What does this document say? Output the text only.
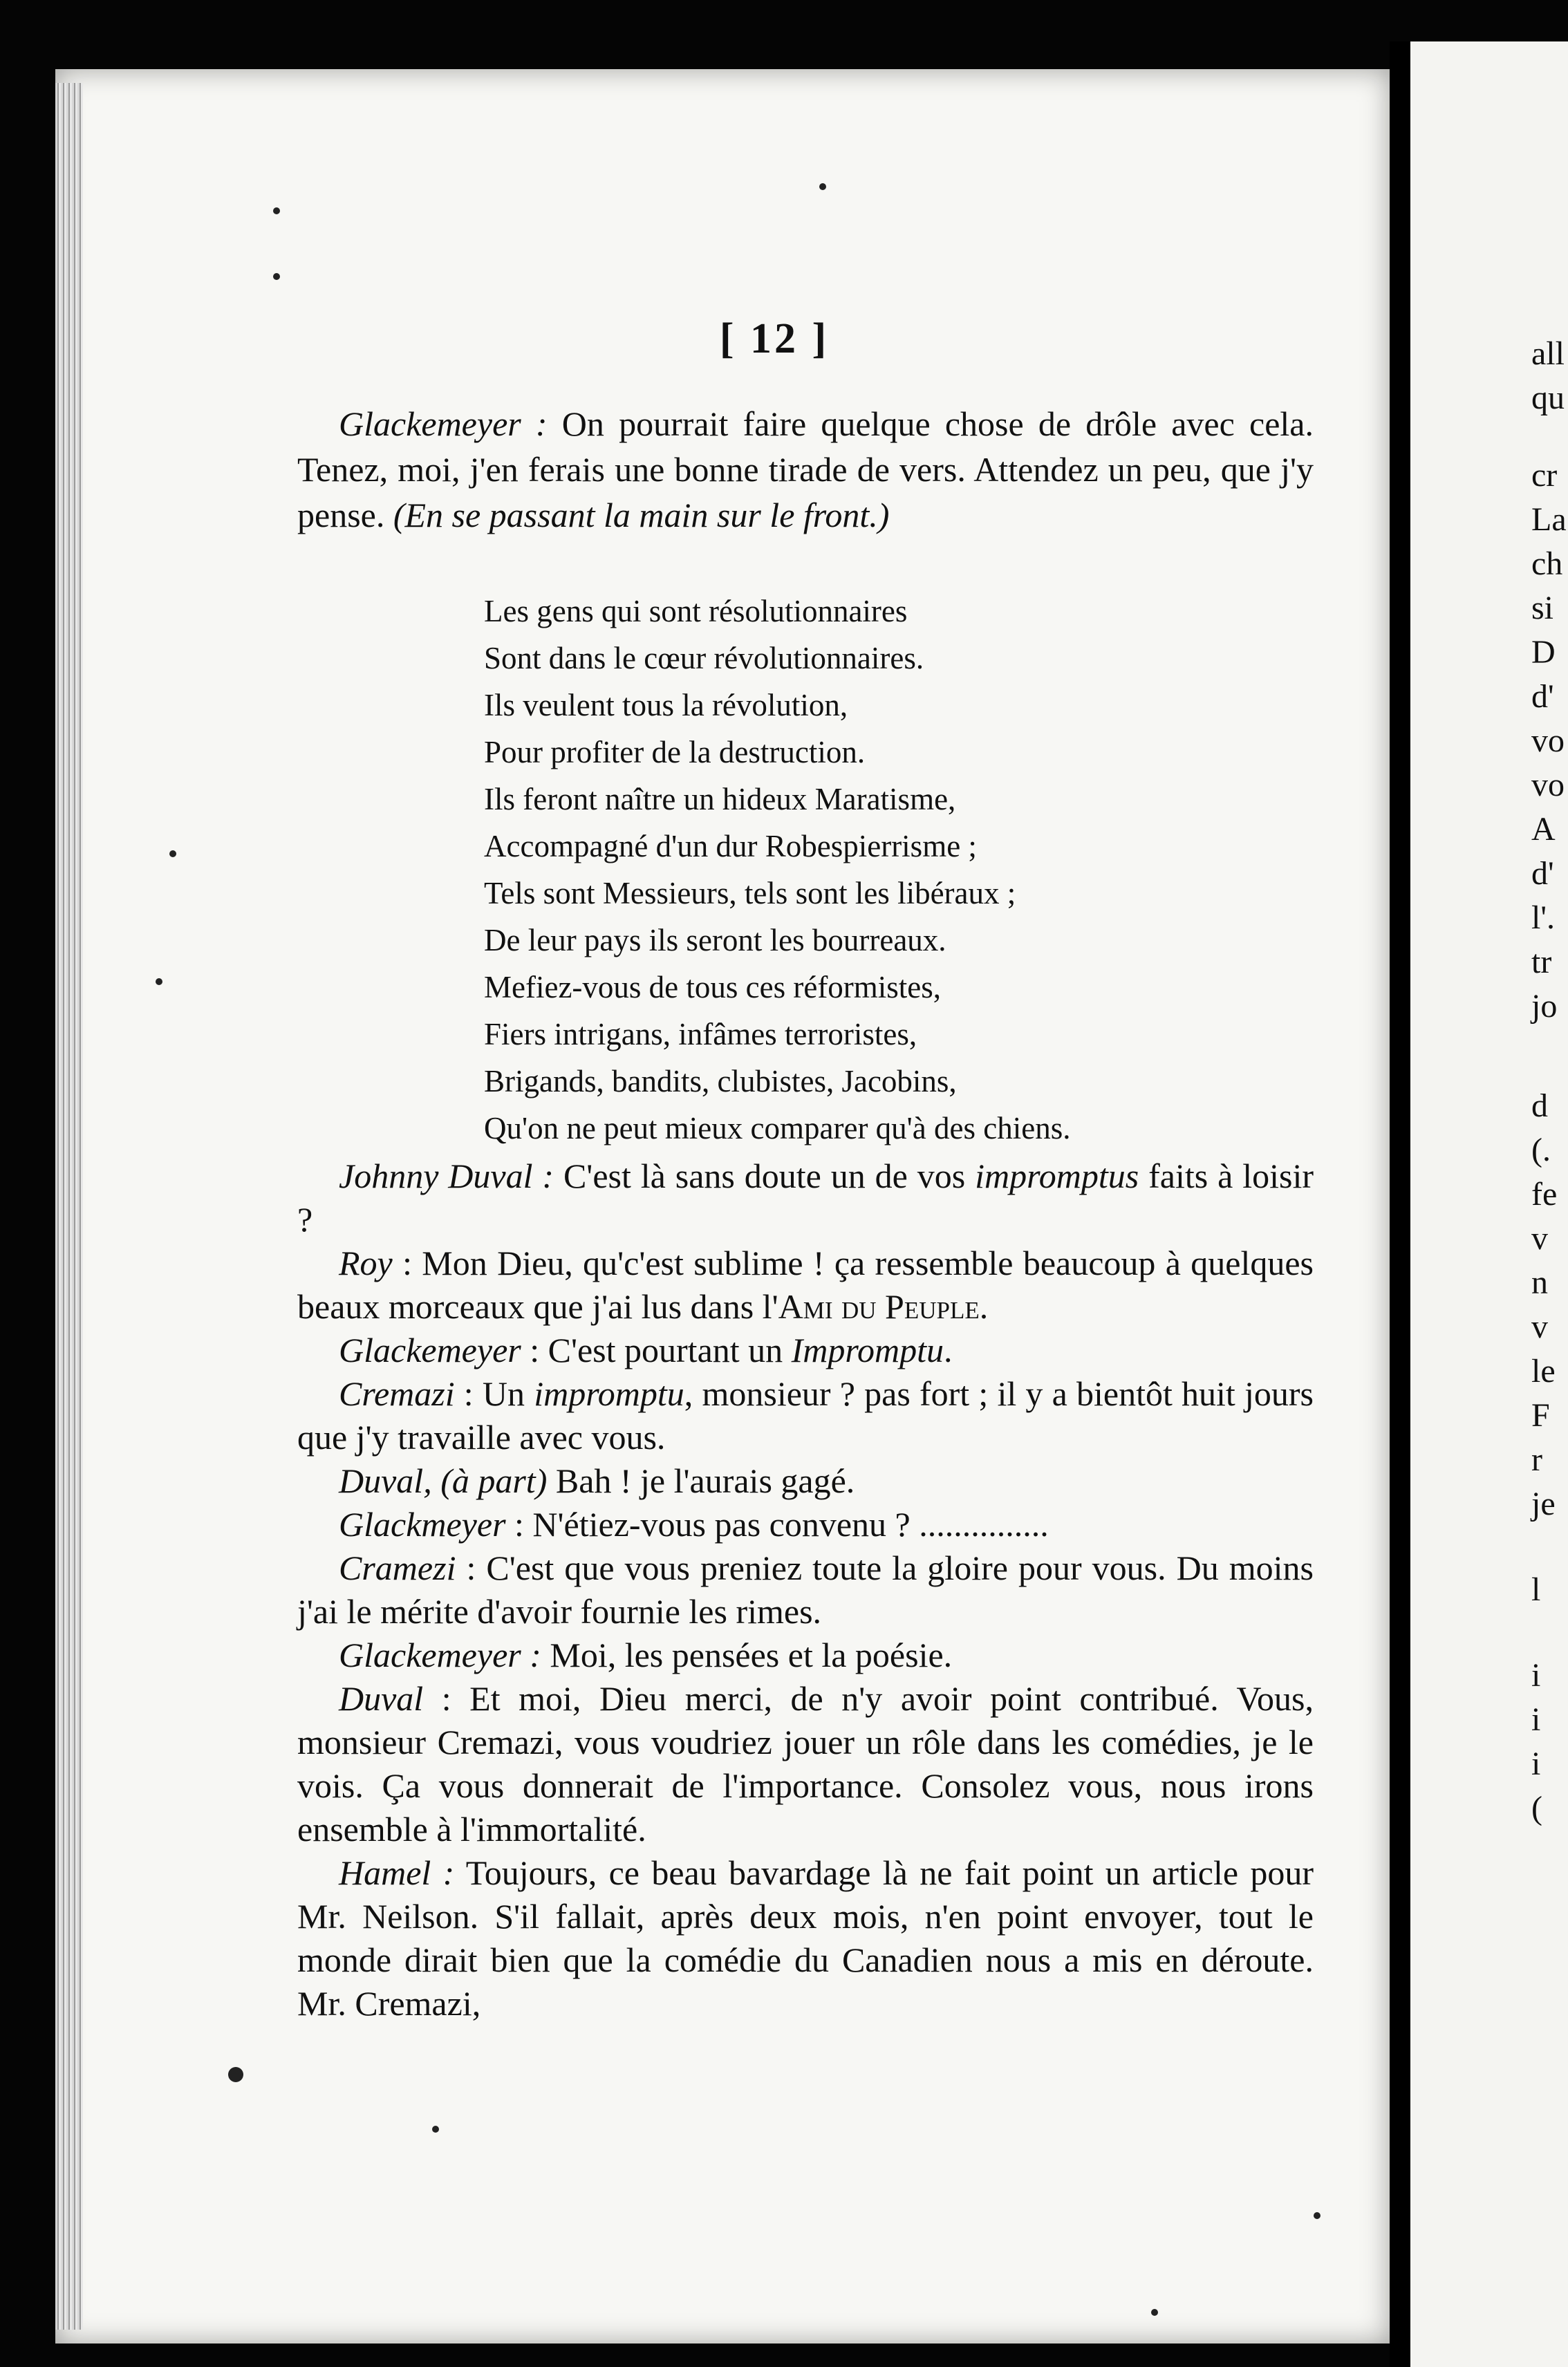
[ 12 ]

Glackemeyer : On pourrait faire quelque chose de drôle avec cela. Tenez, moi, j'en ferais une bonne tirade de vers. Attendez un peu, que j'y pense. (En se passant la main sur le front.)

Les gens qui sont résolutionnaires
Sont dans le cœur révolutionnaires.
Ils veulent tous la révolution,
Pour profiter de la destruction.
Ils feront naître un hideux Maratisme,
Accompagné d'un dur Robespierrisme ;
Tels sont Messieurs, tels sont les libéraux ;
De leur pays ils seront les bourreaux.
Mefiez-vous de tous ces réformistes,
Fiers intrigans, infâmes terroristes,
Brigands, bandits, clubistes, Jacobins,
Qu'on ne peut mieux comparer qu'à des chiens.

Johnny Duval : C'est là sans doute un de vos impromptus faits à loisir ?

Roy : Mon Dieu, qu'c'est sublime ! ça ressemble beaucoup à quelques beaux morceaux que j'ai lus dans l'Ami du Peuple.

Glackemeyer : C'est pourtant un Impromptu.

Cremazi : Un impromptu, monsieur ? pas fort ; il y a bientôt huit jours que j'y travaille avec vous.

Duval, (à part) Bah ! je l'aurais gagé.

Glackmeyer : N'étiez-vous pas convenu ? ...............

Cramezi : C'est que vous preniez toute la gloire pour vous. Du moins j'ai le mérite d'avoir fournie les rimes.

Glackemeyer : Moi, les pensées et la poésie.

Duval : Et moi, Dieu merci, de n'y avoir point contribué. Vous, monsieur Cremazi, vous voudriez jouer un rôle dans les comédies, je le vois. Ça vous donnerait de l'importance. Consolez vous, nous irons ensemble à l'immortalité.

Hamel : Toujours, ce beau bavardage là ne fait point un article pour Mr. Neilson. S'il fallait, après deux mois, n'en point envoyer, tout le monde dirait bien que la comédie du Canadien nous a mis en déroute. Mr. Cremazi,

all
qu
cr
La
ch
si
D
d'
vo
vo
A
d'
l'.
tr
jo
d
(.
fe
v
n
v
le
F
r
je
l
i
i
i
(
